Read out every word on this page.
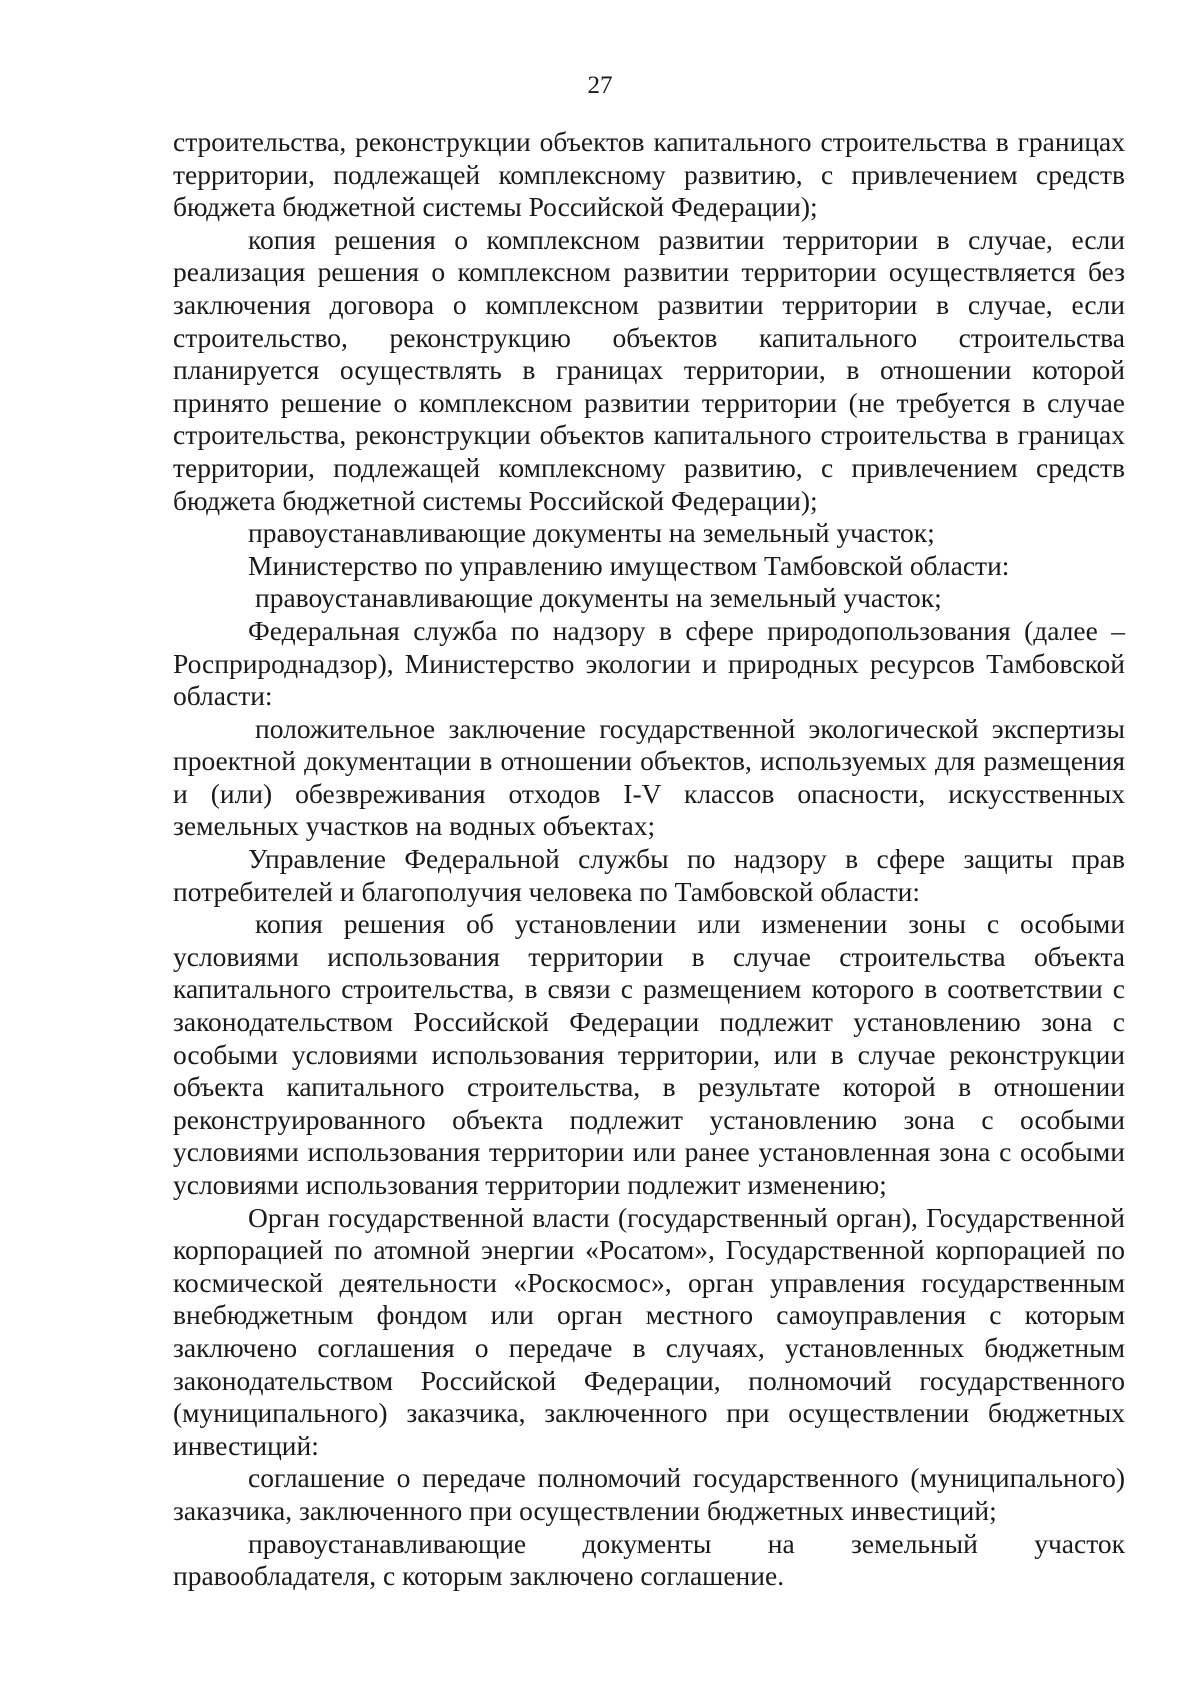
27

строительства, реконструкции объектов капитального строительства в границах территории, подлежащей комплексному развитию, с привлечением средств бюджета бюджетной системы Российской Федерации);

копия решения о комплексном развитии территории в случае, если реализация решения о комплексном развитии территории осуществляется без заключения договора о комплексном развитии территории в случае, если строительство, реконструкцию объектов капитального строительства планируется осуществлять в границах территории, в отношении которой принято решение о комплексном развитии территории (не требуется в случае строительства, реконструкции объектов капитального строительства в границах территории, подлежащей комплексному развитию, с привлечением средств бюджета бюджетной системы Российской Федерации);

правоустанавливающие документы на земельный участок;

Министерство по управлению имуществом Тамбовской области:

правоустанавливающие документы на земельный участок;

Федеральная служба по надзору в сфере природопользования (далее – Росприроднадзор), Министерство экологии и природных ресурсов Тамбовской области:

положительное заключение государственной экологической экспертизы проектной документации в отношении объектов, используемых для размещения и (или) обезвреживания отходов I-V классов опасности, искусственных земельных участков на водных объектах;

Управление Федеральной службы по надзору в сфере защиты прав потребителей и благополучия человека по Тамбовской области:

копия решения об установлении или изменении зоны с особыми условиями использования территории в случае строительства объекта капитального строительства, в связи с размещением которого в соответствии с законодательством Российской Федерации подлежит установлению зона с особыми условиями использования территории, или в случае реконструкции объекта капитального строительства, в результате которой в отношении реконструированного объекта подлежит установлению зона с особыми условиями использования территории или ранее установленная зона с особыми условиями использования территории подлежит изменению;

Орган государственной власти (государственный орган), Государственной корпорацией по атомной энергии «Росатом», Государственной корпорацией по космической деятельности «Роскосмос», орган управления государственным внебюджетным фондом или орган местного самоуправления с которым заключено соглашения о передаче в случаях, установленных бюджетным законодательством Российской Федерации, полномочий государственного (муниципального) заказчика, заключенного при осуществлении бюджетных инвестиций:

соглашение о передаче полномочий государственного (муниципального) заказчика, заключенного при осуществлении бюджетных инвестиций;

правоустанавливающие документы на земельный участок правообладателя, с которым заключено соглашение.
